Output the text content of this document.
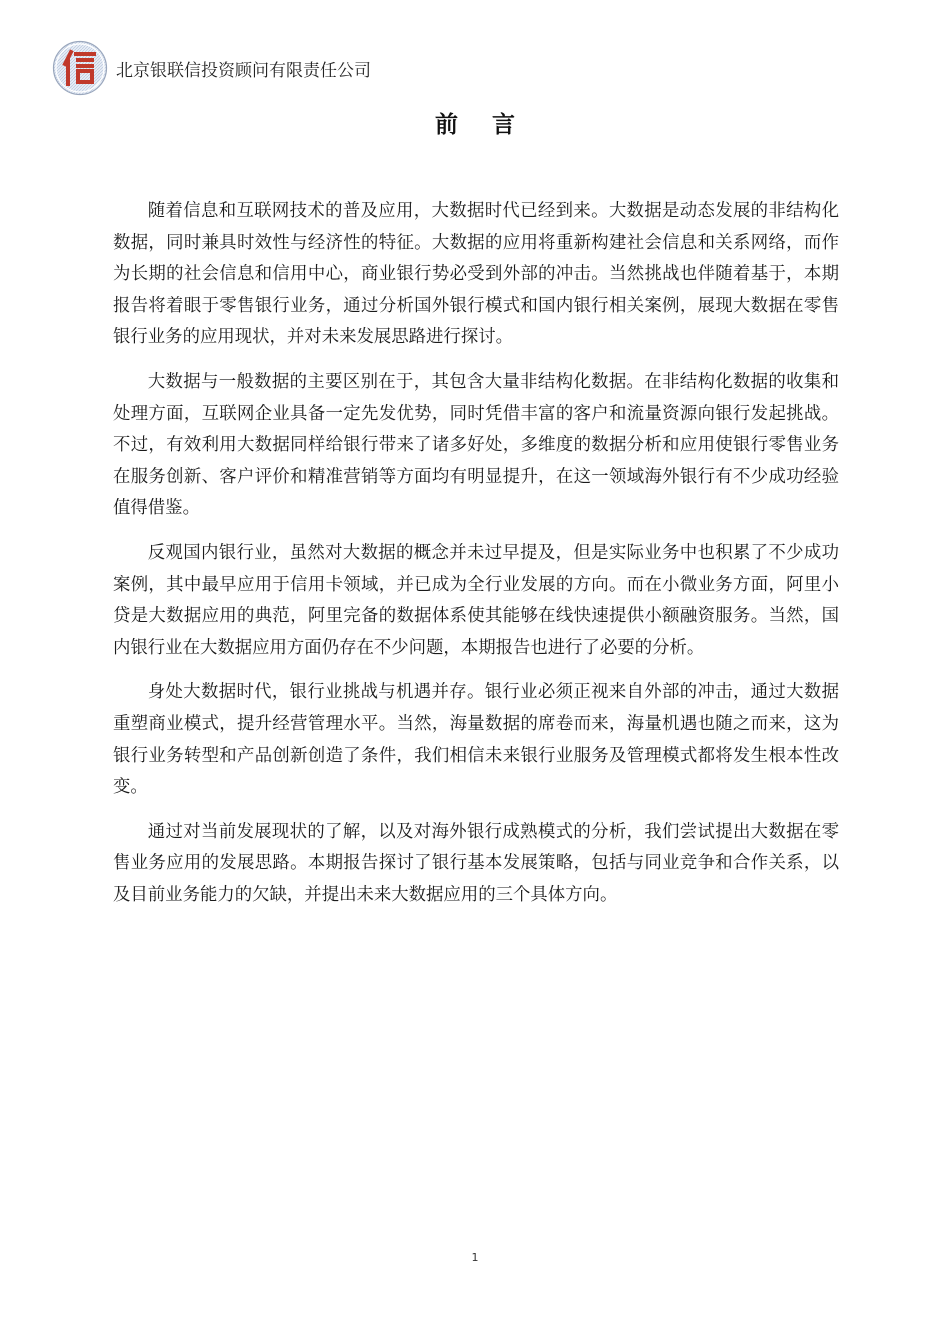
北京银联信投资顾问有限责任公司
前言

随着信息和互联网技术的普及应用，大数据时代已经到来。大数据是动态发展的非结构化数据，同时兼具时效性与经济性的特征。大数据的应用将重新构建社会信息和关系网络，而作为长期的社会信息和信用中心，商业银行势必受到外部的冲击。当然挑战也伴随着基于，本期报告将着眼于零售银行业务，通过分析国外银行模式和国内银行相关案例，展现大数据在零售银行业务的应用现状，并对未来发展思路进行探讨。

大数据与一般数据的主要区别在于，其包含大量非结构化数据。在非结构化数据的收集和处理方面，互联网企业具备一定先发优势，同时凭借丰富的客户和流量资源向银行发起挑战。不过，有效利用大数据同样给银行带来了诸多好处，多维度的数据分析和应用使银行零售业务在服务创新、客户评价和精准营销等方面均有明显提升，在这一领域海外银行有不少成功经验值得借鉴。

反观国内银行业，虽然对大数据的概念并未过早提及，但是实际业务中也积累了不少成功案例，其中最早应用于信用卡领域，并已成为全行业发展的方向。而在小微业务方面，阿里小贷是大数据应用的典范，阿里完备的数据体系使其能够在线快速提供小额融资服务。当然，国内银行业在大数据应用方面仍存在不少问题，本期报告也进行了必要的分析。

身处大数据时代，银行业挑战与机遇并存。银行业必须正视来自外部的冲击，通过大数据重塑商业模式，提升经营管理水平。当然，海量数据的席卷而来，海量机遇也随之而来，这为银行业务转型和产品创新创造了条件，我们相信未来银行业服务及管理模式都将发生根本性改变。

通过对当前发展现状的了解，以及对海外银行成熟模式的分析，我们尝试提出大数据在零售业务应用的发展思路。本期报告探讨了银行基本发展策略，包括与同业竞争和合作关系，以及目前业务能力的欠缺，并提出未来大数据应用的三个具体方向。

1
